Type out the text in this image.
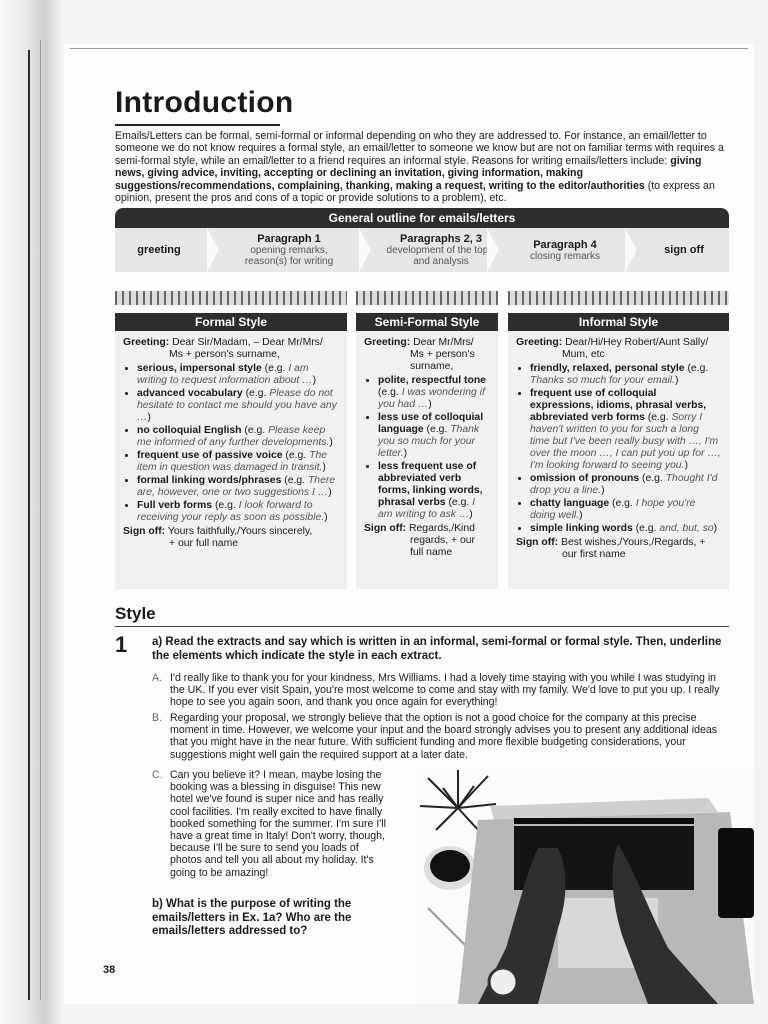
Introduction
Emails/Letters can be formal, semi-formal or informal depending on who they are addressed to. For instance, an email/letter to someone we do not know requires a formal style, an email/letter to someone we know but are not on familiar terms with requires a semi-formal style, while an email/letter to a friend requires an informal style. Reasons for writing emails/letters include: giving news, giving advice, inviting, accepting or declining an invitation, giving information, making suggestions/recommendations, complaining, thanking, making a request, writing to the editor/authorities (to express an opinion, present the pros and cons of a topic or provide solutions to a problem), etc.
General outline for emails/letters
greeting
Paragraph 1
opening remarks, reason(s) for writing
Paragraphs 2, 3
development of the topic and analysis
Paragraph 4
closing remarks	sign off
Formal Style	Semi-Formal Style	Informal Style
Greeting: Dear Sir/Madam, – Dear Mr/Mrs/
Ms + person's surname,
• serious, impersonal style (e.g. I am writing to request information about …)
• advanced vocabulary (e.g. Please do not hesitate to contact me should you have any …)
• no colloquial English (e.g. Please keep me informed of any further developments.)
• frequent use of passive voice (e.g. The item in question was damaged in transit.)
• formal linking words/phrases (e.g. There are, however, one or two suggestions I …)
• Full verb forms (e.g. I look forward to receiving your reply as soon as possible.)
Sign off: Yours faithfully,/Yours sincerely,
+ our full name
Greeting: Dear Mr/Mrs/
Ms + person's surname,
• polite, respectful tone (e.g. I was wondering if you had …)
• less use of colloquial language (e.g. Thank you so much for your letter.)
• less frequent use of abbreviated verb forms, linking words, phrasal verbs (e.g. I am writing to ask …)
Sign off: Regards,/Kind
regards, + our full name
Greeting: Dear/Hi/Hey Robert/Aunt Sally/
Mum, etc
• friendly, relaxed, personal style (e.g. Thanks so much for your email.)
• frequent use of colloquial expressions, idioms, phrasal verbs, abbreviated verb forms (e.g. Sorry I haven't written to you for such a long time but I've been really busy with …, I'm over the moon …, I can put you up for …, I'm looking forward to seeing you.)
• omission of pronouns (e.g. Thought I'd drop you a line.)
• chatty language (e.g. I hope you're doing well.)
• simple linking words (e.g. and, but, so)
Sign off: Best wishes,/Yours,/Regards, +
our first name
Style
1 a) Read the extracts and say which is written in an informal, semi-formal or formal style. Then, underline the elements which indicate the style in each extract.
A. I'd really like to thank you for your kindness, Mrs Williams. I had a lovely time staying with you while I was studying in the UK. If you ever visit Spain, you're most welcome to come and stay with my family. We'd love to put you up. I really hope to see you again soon, and thank you once again for everything!
B. Regarding your proposal, we strongly believe that the option is not a good choice for the company at this precise moment in time. However, we welcome your input and the board strongly advises you to present any additional ideas that you might have in the near future. With sufficient funding and more flexible budgeting considerations, your suggestions might well gain the required support at a later date.
C. Can you believe it? I mean, maybe losing the booking was a blessing in disguise! This new hotel we've found is super nice and has really cool facilities. I'm really excited to have finally booked something for the summer. I'm sure I'll have a great time in Italy! Don't worry, though, because I'll be sure to send you loads of photos and tell you all about my holiday. It's going to be amazing!
b) What is the purpose of writing the emails/letters in Ex. 1a? Who are the emails/letters addressed to?
38
